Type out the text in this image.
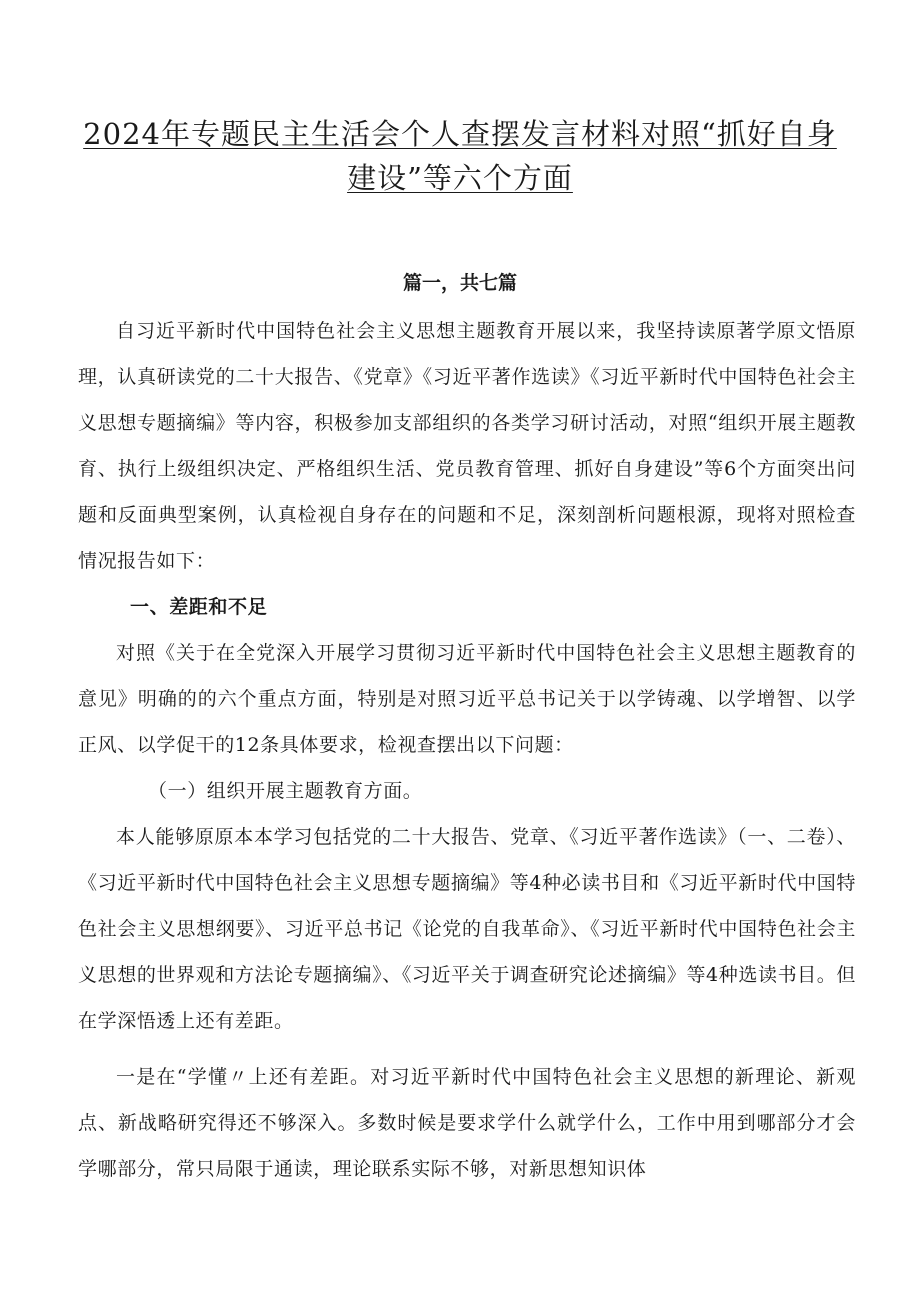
2024年专题民主生活会个人查摆发言材料对照“抓好自身建设”等六个方面
篇一，共七篇

自习近平新时代中国特色社会主义思想主题教育开展以来，我坚持读原著学原文悟原理，认真研读党的二十大报告、《党章》《习近平著作选读》《习近平新时代中国特色社会主义思想专题摘编》等内容，积极参加支部组织的各类学习研讨活动，对照“组织开展主题教育、执行上级组织决定、严格组织生活、党员教育管理、抓好自身建设”等6个方面突出问题和反面典型案例，认真检视自身存在的问题和不足，深刻剖析问题根源，现将对照检查情况报告如下：

一、差距和不足

对照《关于在全党深入开展学习贯彻习近平新时代中国特色社会主义思想主题教育的意见》明确的的六个重点方面，特别是对照习近平总书记关于以学铸魂、以学增智、以学正风、以学促干的12条具体要求，检视查摆出以下问题：

（一）组织开展主题教育方面。

本人能够原原本本学习包括党的二十大报告、党章、《习近平著作选读》（一、二卷）、《习近平新时代中国特色社会主义思想专题摘编》等4种必读书目和《习近平新时代中国特色社会主义思想纲要》、习近平总书记《论党的自我革命》、《习近平新时代中国特色社会主义思想的世界观和方法论专题摘编》、《习近平关于调查研究论述摘编》等4种选读书目。但在学深悟透上还有差距。

一是在“学懂〃上还有差距。对习近平新时代中国特色社会主义思想的新理论、新观点、新战略研究得还不够深入。多数时候是要求学什么就学什么，工作中用到哪部分才会学哪部分，常只局限于通读，理论联系实际不够，对新思想知识体
